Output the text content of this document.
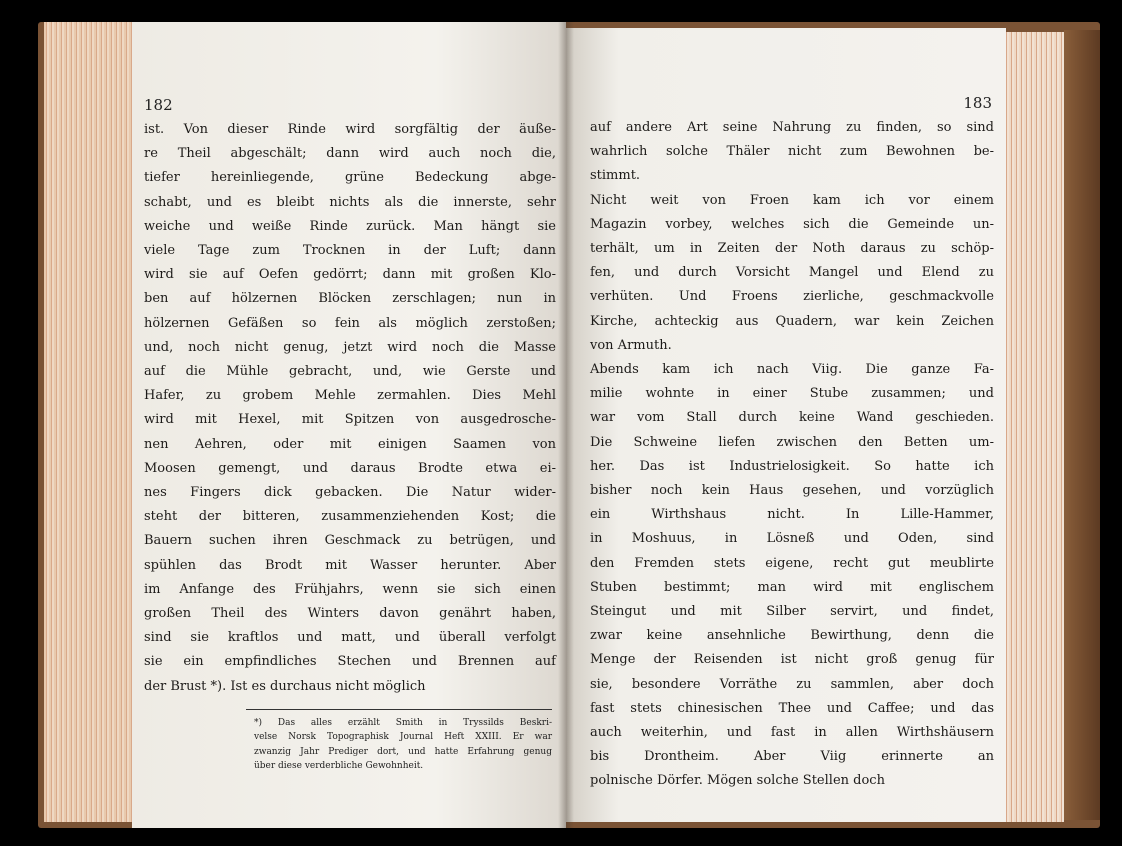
182
ist. Von dieser Rinde wird sorgfältig der äuße-
re Theil abgeschält; dann wird auch noch die,
tiefer hereinliegende, grüne Bedeckung abge-
schabt, und es bleibt nichts als die innerste, sehr
weiche und weiße Rinde zurück. Man hängt sie
viele Tage zum Trocknen in der Luft; dann
wird sie auf Oefen gedörrt; dann mit großen Klo-
ben auf hölzernen Blöcken zerschlagen; nun in
hölzernen Gefäßen so fein als möglich zerstoßen;
und, noch nicht genug, jetzt wird noch die Masse
auf die Mühle gebracht, und, wie Gerste und
Hafer, zu grobem Mehle zermahlen. Dies Mehl
wird mit Hexel, mit Spitzen von ausgedrosche-
nen Aehren, oder mit einigen Saamen von
Moosen gemengt, und daraus Brodte etwa ei-
nes Fingers dick gebacken. Die Natur wider-
steht der bitteren, zusammenziehenden Kost; die
Bauern suchen ihren Geschmack zu betrügen, und
spühlen das Brodt mit Wasser herunter. Aber
im Anfange des Frühjahrs, wenn sie sich einen
großen Theil des Winters davon genährt haben,
sind sie kraftlos und matt, und überall verfolgt
sie ein empfindliches Stechen und Brennen auf
der Brust *). Ist es durchaus nicht möglich
*) Das alles erzählt Smith in Tryssilds Beskri-
velse Norsk Topographisk Journal Heft XXIII. Er war
zwanzig Jahr Prediger dort, und hatte Erfahrung genug
über diese verderbliche Gewohnheit.
183
auf andere Art seine Nahrung zu finden, so sind
wahrlich solche Thäler nicht zum Bewohnen be-
stimmt.
Nicht weit von Froen kam ich vor einem
Magazin vorbey, welches sich die Gemeinde un-
terhält, um in Zeiten der Noth daraus zu schöp-
fen, und durch Vorsicht Mangel und Elend zu
verhüten. Und Froens zierliche, geschmackvolle
Kirche, achteckig aus Quadern, war kein Zeichen
von Armuth.
Abends kam ich nach Viig. Die ganze Fa-
milie wohnte in einer Stube zusammen; und
war vom Stall durch keine Wand geschieden.
Die Schweine liefen zwischen den Betten um-
her. Das ist Industrielosigkeit. So hatte ich
bisher noch kein Haus gesehen, und vorzüglich
ein Wirthshaus nicht. In Lille-Hammer,
in Moshuus, in Lösneß und Oden, sind
den Fremden stets eigene, recht gut meublirte
Stuben bestimmt; man wird mit englischem
Steingut und mit Silber servirt, und findet,
zwar keine ansehnliche Bewirthung, denn die
Menge der Reisenden ist nicht groß genug für
sie, besondere Vorräthe zu sammlen, aber doch
fast stets chinesischen Thee und Caffee; und das
auch weiterhin, und fast in allen Wirthshäusern
bis Drontheim. Aber Viig erinnerte an
polnische Dörfer. Mögen solche Stellen doch
